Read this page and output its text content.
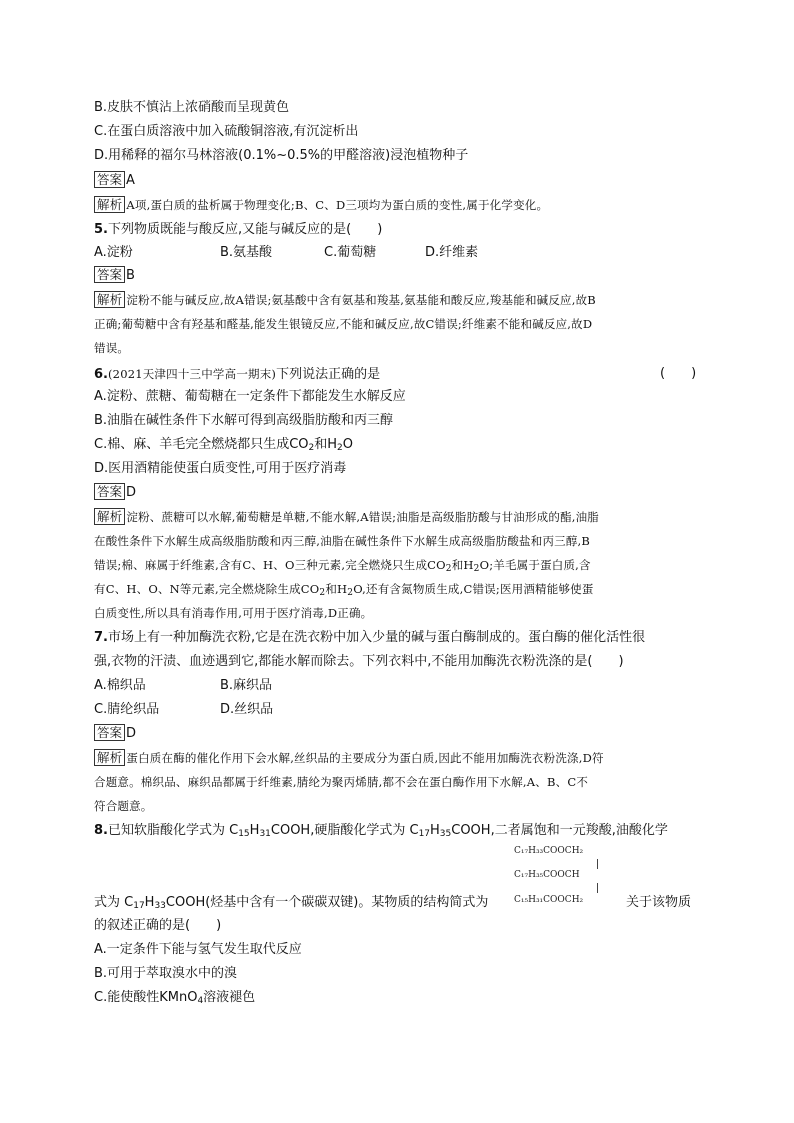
B.皮肤不慎沾上浓硝酸而呈现黄色
C.在蛋白质溶液中加入硫酸铜溶液,有沉淀析出
D.用稀释的福尔马林溶液(0.1%~0.5%的甲醛溶液)浸泡植物种子
答案 A
解析 A项,蛋白质的盐析属于物理变化;B、C、D三项均为蛋白质的变性,属于化学变化。
5.下列物质既能与酸反应,又能与碱反应的是(　　)
A.淀粉	B.氨基酸	C.葡萄糖	D.纤维素
答案 B
解析 淀粉不能与碱反应,故A错误;氨基酸中含有氨基和羧基,氨基能和酸反应,羧基能和碱反应,故B
正确;葡萄糖中含有羟基和醛基,能发生银镜反应,不能和碱反应,故C错误;纤维素不能和碱反应,故D
错误。
6.(2021天津四十三中学高一期末)下列说法正确的是	(　　)
A.淀粉、蔗糖、葡萄糖在一定条件下都能发生水解反应
B.油脂在碱性条件下水解可得到高级脂肪酸和丙三醇
C.棉、麻、羊毛完全燃烧都只生成$CO_2$和$H_2O$
D.医用酒精能使蛋白质变性,可用于医疗消毒
答案 D
解析 淀粉、蔗糖可以水解,葡萄糖是单糖,不能水解,A错误;油脂是高级脂肪酸与甘油形成的酯,油脂
在酸性条件下水解生成高级脂肪酸和丙三醇,油脂在碱性条件下水解生成高级脂肪酸盐和丙三醇,B
错误;棉、麻属于纤维素,含有C、H、O三种元素,完全燃烧只生成$CO_2$和$H_2O$;羊毛属于蛋白质,含
有C、H、O、N等元素,完全燃烧除生成$CO_2$和$H_2O$,还有含氮物质生成,C错误;医用酒精能够使蛋
白质变性,所以具有消毒作用,可用于医疗消毒,D正确。
7.市场上有一种加酶洗衣粉,它是在洗衣粉中加入少量的碱与蛋白酶制成的。蛋白酶的催化活性很
强,衣物的汗渍、血迹遇到它,都能水解而除去。下列衣料中,不能用加酶洗衣粉洗涤的是(　　)
A.棉织品	B.麻织品
C.腈纶织品	D.丝织品
答案 D
解析 蛋白质在酶的催化作用下会水解,丝织品的主要成分为蛋白质,因此不能用加酶洗衣粉洗涤,D符
合题意。棉织品、麻织品都属于纤维素,腈纶为聚丙烯腈,都不会在蛋白酶作用下水解,A、B、C不
符合题意。
8.已知软脂酸化学式为 $C_{15}H_{31}COOH$,硬脂酸化学式为 $C_{17}H_{35}COOH$,二者属饱和一元羧酸,油酸化学
C₁₇H₃₃COOCH₂
C₁₇H₃₅COOCH
C₁₅H₃₁COOCH₂
式为 $C_{17}H_{33}COOH$(烃基中含有一个碳碳双键)。某物质的结构简式为	关于该物质
的叙述正确的是(　　)
A.一定条件下能与氢气发生取代反应
B.可用于萃取溴水中的溴
C.能使酸性KMnO$_4$溶液褪色
